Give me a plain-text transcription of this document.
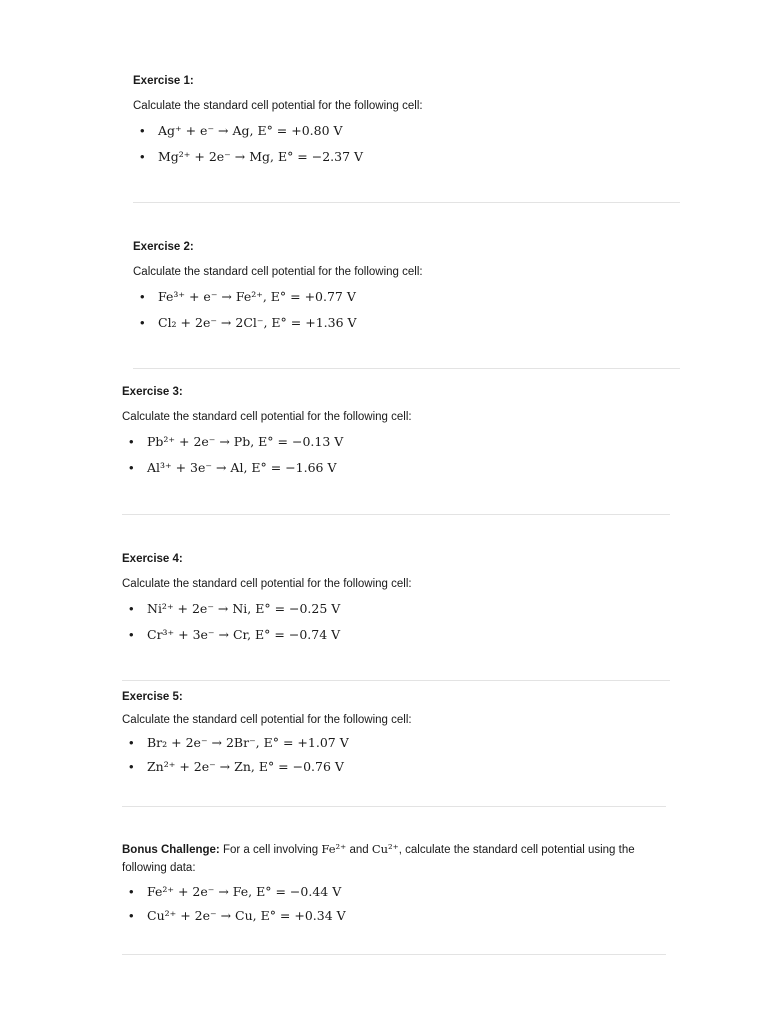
Exercise 1:

Calculate the standard cell potential for the following cell:

• Ag⁺ + e⁻ → Ag, E° = +0.80 V
• Mg²⁺ + 2e⁻ → Mg, E° = −2.37 V

Exercise 2:

Calculate the standard cell potential for the following cell:

• Fe³⁺ + e⁻ → Fe²⁺, E° = +0.77 V
• Cl₂ + 2e⁻ → 2Cl⁻, E° = +1.36 V

Exercise 3:

Calculate the standard cell potential for the following cell:

• Pb²⁺ + 2e⁻ → Pb, E° = −0.13 V
• Al³⁺ + 3e⁻ → Al, E° = −1.66 V

Exercise 4:

Calculate the standard cell potential for the following cell:

• Ni²⁺ + 2e⁻ → Ni, E° = −0.25 V
• Cr³⁺ + 3e⁻ → Cr, E° = −0.74 V

Exercise 5:

Calculate the standard cell potential for the following cell:

• Br₂ + 2e⁻ → 2Br⁻, E° = +1.07 V
• Zn²⁺ + 2e⁻ → Zn, E° = −0.76 V

Bonus Challenge: For a cell involving Fe²⁺ and Cu²⁺, calculate the standard cell potential using the following data:

• Fe²⁺ + 2e⁻ → Fe, E° = −0.44 V
• Cu²⁺ + 2e⁻ → Cu, E° = +0.34 V
